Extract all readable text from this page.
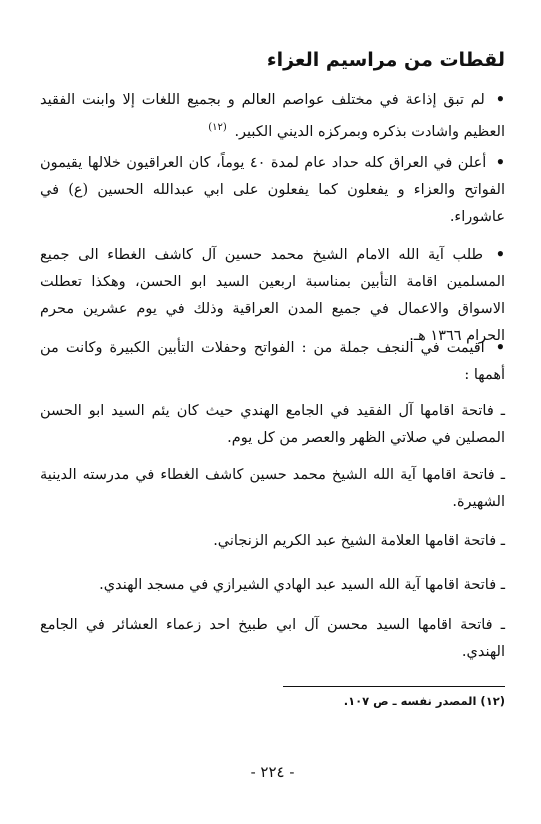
لقطات من مراسيم العزاء
• لم تبق إذاعة في مختلف عواصم العالم و بجميع اللغات إلا وابنت الفقيد العظيم واشادت بذكره وبمركزه الديني الكبير. $^{(١٢)}$
• أعلن في العراق كله حداد عام لمدة ٤٠ يوماً، كان العراقيون خلالها يقيمون الفواتح والعزاء و يفعلون كما يفعلون على ابي عبدالله الحسين (ع) في عاشوراء.
• طلب آية الله الامام الشيخ محمد حسين آل كاشف الغطاء الى جميع المسلمين اقامة التأبين بمناسبة اربعين السيد ابو الحسن، وهكذا تعطلت الاسواق والاعمال في جميع المدن العراقية وذلك في يوم عشرين محرم الحرام ١٣٦٦ هـ.
• اقيمت في النجف جملة من : الفواتح وحفلات التأبين الكبيرة وكانت من أهمها :
ـ فاتحة اقامها آل الفقيد في الجامع الهندي حيث كان يئم السيد ابو الحسن المصلين في صلاتي الظهر والعصر من كل يوم.
ـ فاتحة اقامها آية الله الشيخ محمد حسين كاشف الغطاء في مدرسته الدينية الشهيرة.
ـ فاتحة اقامها العلامة الشيخ عبد الكريم الزنجاني.
ـ فاتحة اقامها آية الله السيد عبد الهادي الشيرازي في مسجد الهندي.
ـ فاتحة اقامها السيد محسن آل ابي طبيخ احد زعماء العشائر في الجامع الهندي.
(١٢) المصدر نفسه ـ ص ١٠٧.
- ٢٢٤ -
